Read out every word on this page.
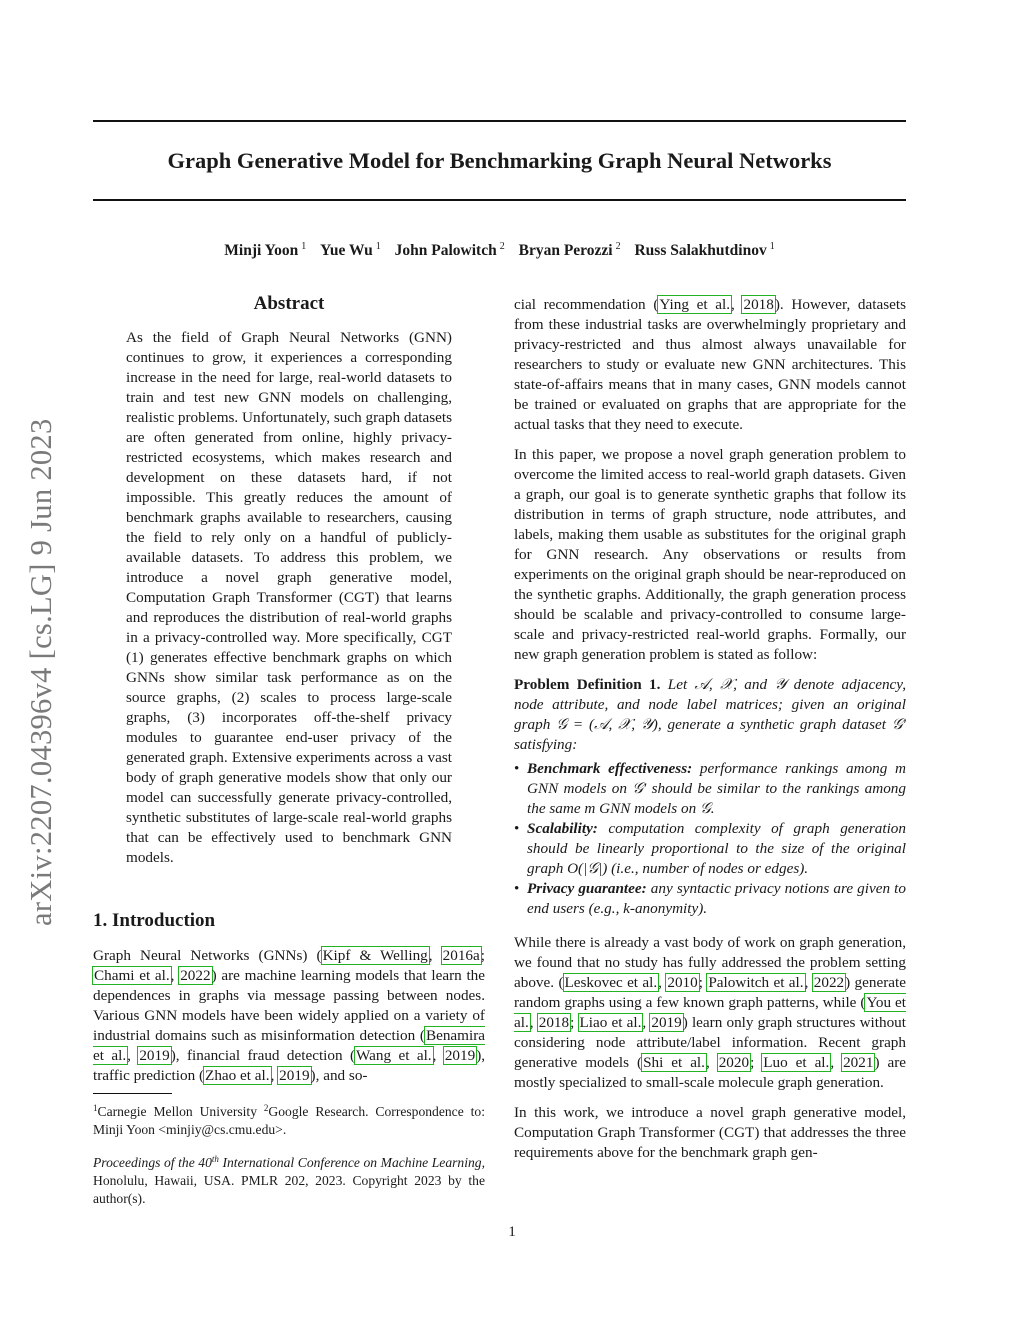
Graph Generative Model for Benchmarking Graph Neural Networks
Minji Yoon $^1$ Yue Wu $^1$ John Palowitch $^2$ Bryan Perozzi $^2$ Russ Salakhutdinov $^1$
arXiv:2207.04396v4 [cs.LG] 9 Jun 2023
Abstract

As the field of Graph Neural Networks (GNN) continues to grow, it experiences a corresponding increase in the need for large, real-world datasets to train and test new GNN models on challenging, realistic problems. Unfortunately, such graph datasets are often generated from online, highly privacy-restricted ecosystems, which makes research and development on these datasets hard, if not impossible. This greatly reduces the amount of benchmark graphs available to researchers, causing the field to rely only on a handful of publicly-available datasets. To address this problem, we introduce a novel graph generative model, Computation Graph Transformer (CGT) that learns and reproduces the distribution of real-world graphs in a privacy-controlled way. More specifically, CGT (1) generates effective benchmark graphs on which GNNs show similar task performance as on the source graphs, (2) scales to process large-scale graphs, (3) incorporates off-the-shelf privacy modules to guarantee end-user privacy of the generated graph. Extensive experiments across a vast body of graph generative models show that only our model can successfully generate privacy-controlled, synthetic substitutes of large-scale real-world graphs that can be effectively used to benchmark GNN models.

1. Introduction

Graph Neural Networks (GNNs) (Kipf & Welling, 2016a; Chami et al., 2022) are machine learning models that learn the dependences in graphs via message passing between nodes. Various GNN models have been widely applied on a variety of industrial domains such as misinformation detection (Benamira et al., 2019), financial fraud detection (Wang et al., 2019), traffic prediction (Zhao et al., 2019), and so-

$^1$Carnegie Mellon University $^2$Google Research. Correspondence to: Minji Yoon <minjiy@cs.cmu.edu>.
Proceedings of the 40th International Conference on Machine Learning, Honolulu, Hawaii, USA. PMLR 202, 2023. Copyright 2023 by the author(s).

cial recommendation (Ying et al., 2018). However, datasets from these industrial tasks are overwhelmingly proprietary and privacy-restricted and thus almost always unavailable for researchers to study or evaluate new GNN architectures. This state-of-affairs means that in many cases, GNN models cannot be trained or evaluated on graphs that are appropriate for the actual tasks that they need to execute.

In this paper, we propose a novel graph generation problem to overcome the limited access to real-world graph datasets. Given a graph, our goal is to generate synthetic graphs that follow its distribution in terms of graph structure, node attributes, and labels, making them usable as substitutes for the original graph for GNN research. Any observations or results from experiments on the original graph should be near-reproduced on the synthetic graphs. Additionally, the graph generation process should be scalable and privacy-controlled to consume large-scale and privacy-restricted real-world graphs. Formally, our new graph generation problem is stated as follow:

Problem Definition 1. Let 𝒜, 𝒳, and 𝒴 denote adjacency, node attribute, and node label matrices; given an original graph 𝒢 = (𝒜, 𝒳, 𝒴), generate a synthetic graph dataset 𝒢′ satisfying:

• Benchmark effectiveness: performance rankings among m GNN models on 𝒢′ should be similar to the rankings among the same m GNN models on 𝒢.
• Scalability: computation complexity of graph generation should be linearly proportional to the size of the original graph O(|𝒢|) (i.e., number of nodes or edges).
• Privacy guarantee: any syntactic privacy notions are given to end users (e.g., k-anonymity).

While there is already a vast body of work on graph generation, we found that no study has fully addressed the problem setting above. (Leskovec et al., 2010; Palowitch et al., 2022) generate random graphs using a few known graph patterns, while (You et al., 2018; Liao et al., 2019) learn only graph structures without considering node attribute/label information. Recent graph generative models (Shi et al., 2020; Luo et al., 2021) are mostly specialized to small-scale molecule graph generation.

In this work, we introduce a novel graph generative model, Computation Graph Transformer (CGT) that addresses the three requirements above for the benchmark graph gen-

1
